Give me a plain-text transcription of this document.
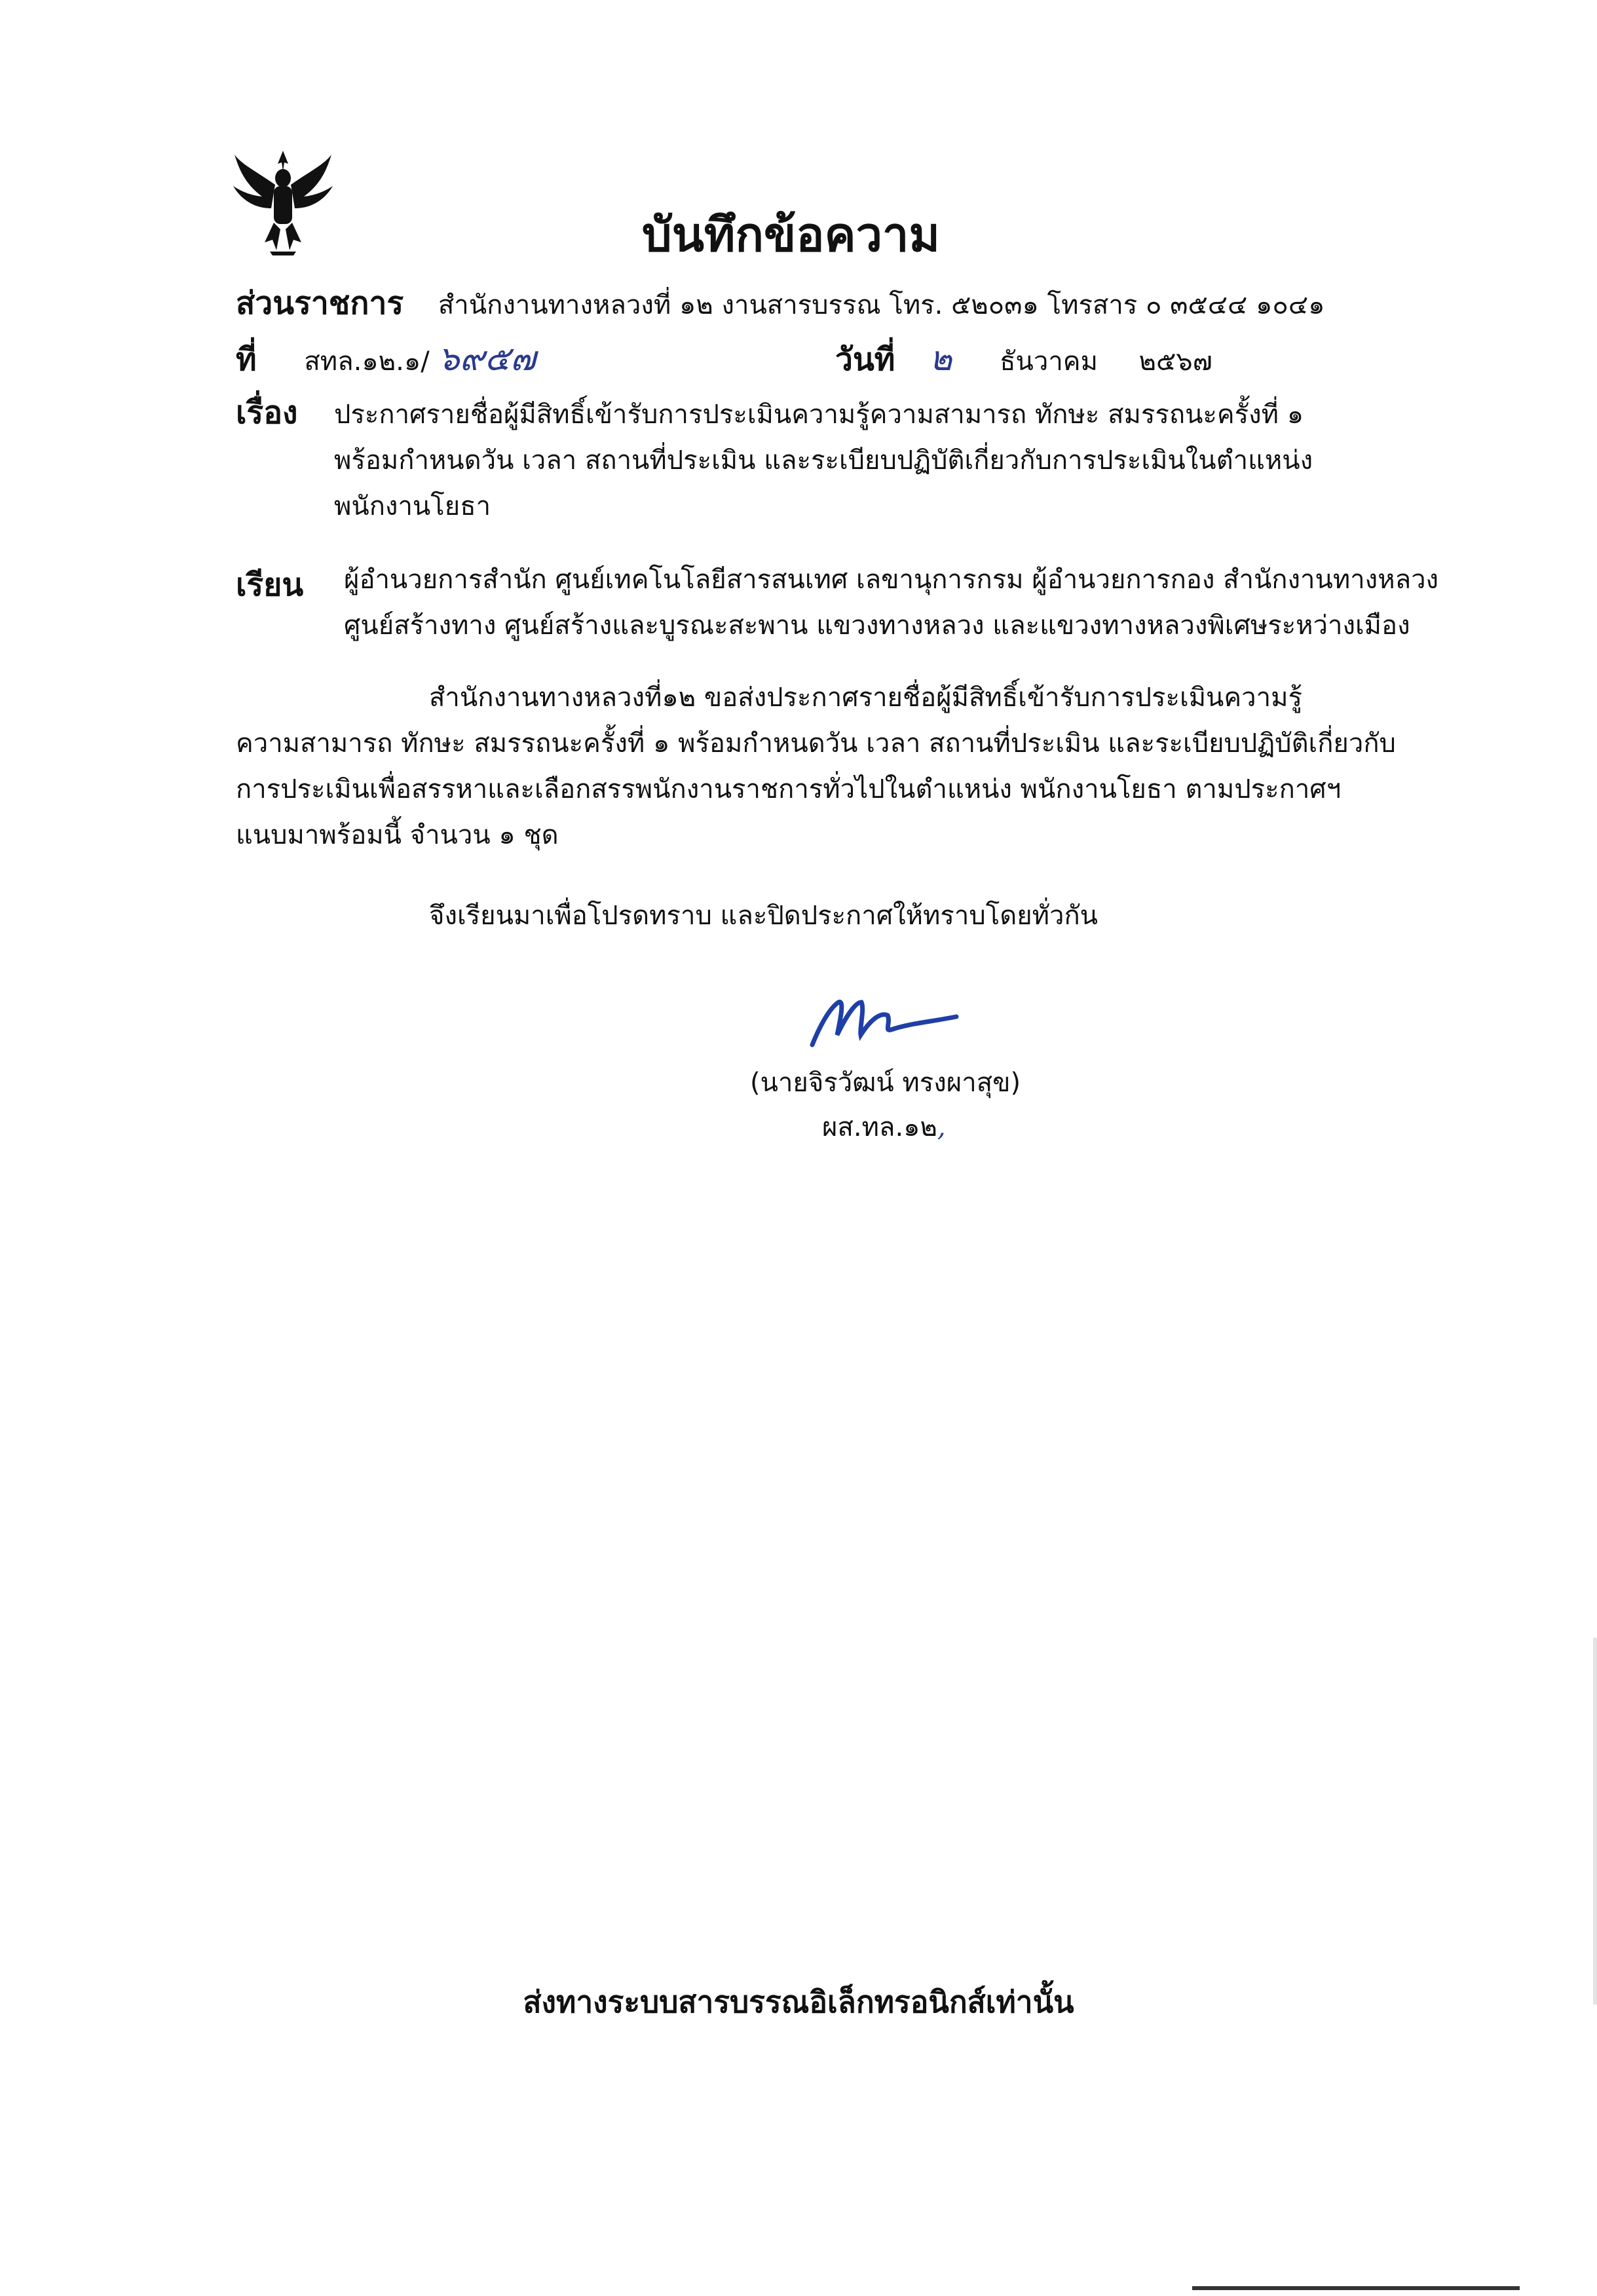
บันทึกข้อความ
ส่วนราชการ สำนักงานทางหลวงที่ ๑๒ งานสารบรรณ โทร. ๕๒๐๓๑ โทรสาร ๐ ๓๕๔๔ ๑๐๔๑
ที่ สทล.๑๒.๑/ ๖๙๕๗	วันที่ ๒ ธันวาคม ๒๕๖๗
เรื่อง ประกาศรายชื่อผู้มีสิทธิ์เข้ารับการประเมินความรู้ความสามารถ ทักษะ สมรรถนะครั้งที่ ๑
พร้อมกำหนดวัน เวลา สถานที่ประเมิน และระเบียบปฏิบัติเกี่ยวกับการประเมินในตำแหน่ง
พนักงานโยธา
เรียน ผู้อำนวยการสำนัก ศูนย์เทคโนโลยีสารสนเทศ เลขานุการกรม ผู้อำนวยการกอง สำนักงานทางหลวง
ศูนย์สร้างทาง ศูนย์สร้างและบูรณะสะพาน แขวงทางหลวง และแขวงทางหลวงพิเศษระหว่างเมือง
สำนักงานทางหลวงที่๑๒ ขอส่งประกาศรายชื่อผู้มีสิทธิ์เข้ารับการประเมินความรู้
ความสามารถ ทักษะ สมรรถนะครั้งที่ ๑ พร้อมกำหนดวัน เวลา สถานที่ประเมิน และระเบียบปฏิบัติเกี่ยวกับ
การประเมินเพื่อสรรหาและเลือกสรรพนักงานราชการทั่วไปในตำแหน่ง พนักงานโยธา ตามประกาศฯ
แนบมาพร้อมนี้ จำนวน ๑ ชุด
จึงเรียนมาเพื่อโปรดทราบ และปิดประกาศให้ทราบโดยทั่วกัน
(นายจิรวัฒน์ ทรงผาสุข)
ผส.ทล.๑๒,
ส่งทางระบบสารบรรณอิเล็กทรอนิกส์เท่านั้น
